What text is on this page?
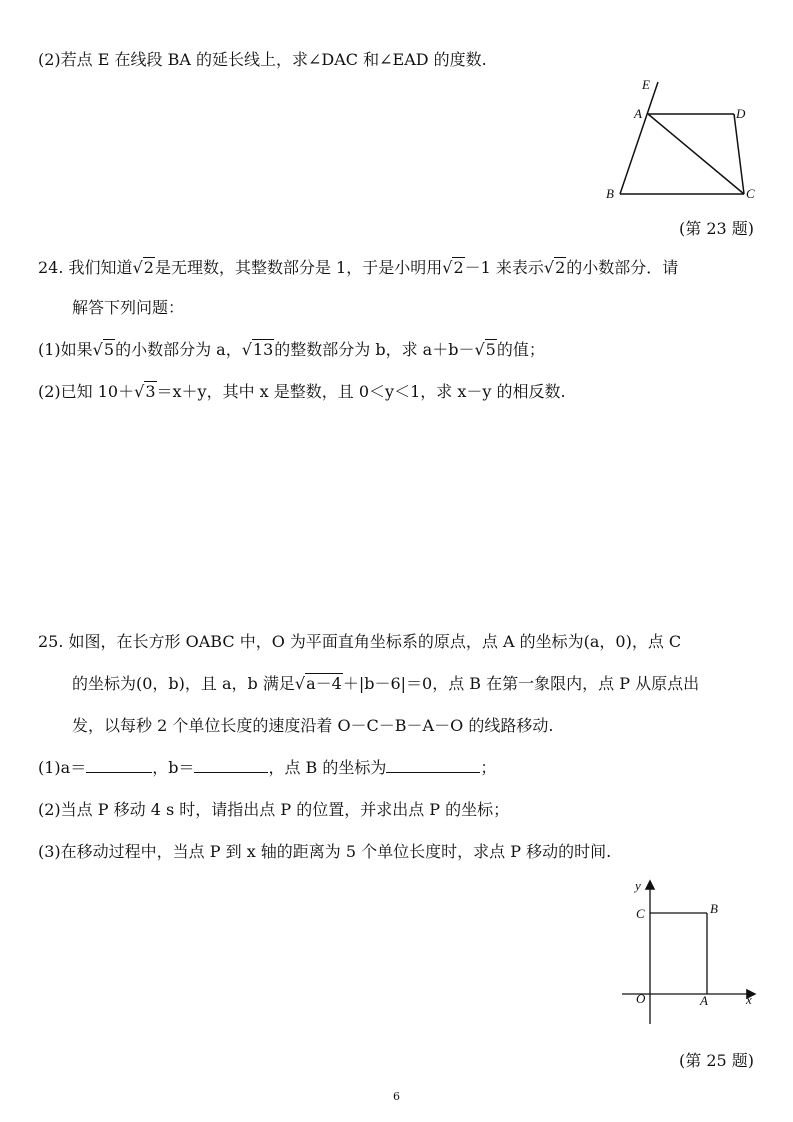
(2)若点 E 在线段 BA 的延长线上，求∠DAC 和∠EAD 的度数.
E
A	D
B	C
(第 23 题)
24. 我们知道√2是无理数，其整数部分是 1，于是小明用√2－1 来表示√2的小数部分．请
解答下列问题：
(1)如果√5的小数部分为 a，√13的整数部分为 b，求 a＋b－√5的值；
(2)已知 10＋√3＝x＋y，其中 x 是整数，且 0＜y＜1，求 x－y 的相反数.
25. 如图，在长方形 OABC 中，O 为平面直角坐标系的原点，点 A 的坐标为(a，0)，点 C
的坐标为(0，b)，且 a，b 满足√a－4＋|b－6|＝0，点 B 在第一象限内，点 P 从原点出
发，以每秒 2 个单位长度的速度沿着 O－C－B－A－O 的线路移动.
(1)a＝	，b＝	，点 B 的坐标为	；
(2)当点 P 移动 4 s 时，请指出点 P 的位置，并求出点 P 的坐标；
(3)在移动过程中，当点 P 到 x 轴的距离为 5 个单位长度时，求点 P 移动的时间.
y
C	B
O	A	x
(第 25 题)
6
